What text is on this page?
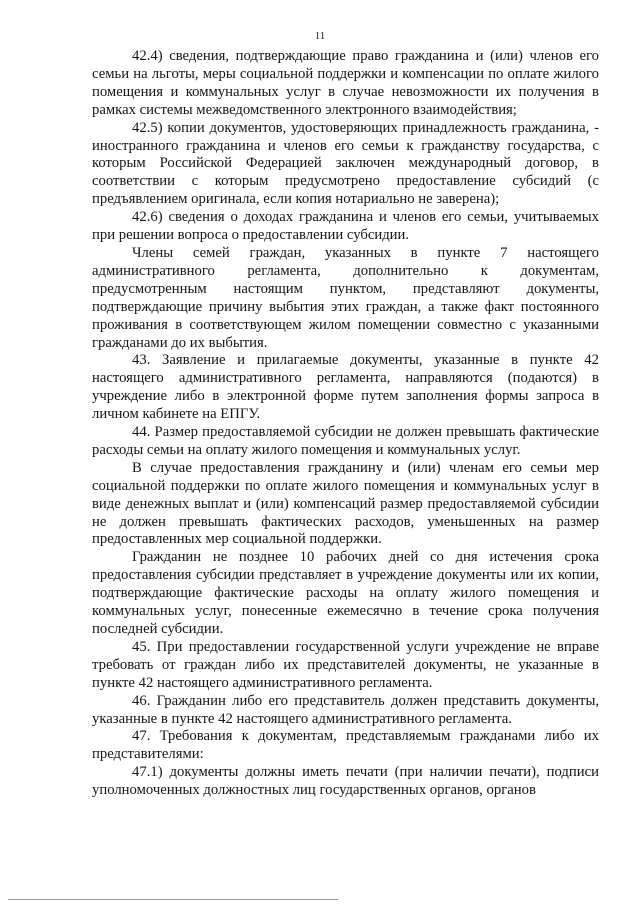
11

42.4) сведения, подтверждающие право гражданина и (или) членов его семьи на льготы, меры социальной поддержки и компенсации по оплате жилого помещения и коммунальных услуг в случае невозможности их получения в рамках системы межведомственного электронного взаимодействия;

42.5) копии документов, удостоверяющих принадлежность гражданина, - иностранного гражданина и членов его семьи к гражданству государства, с которым Российской Федерацией заключен международный договор, в соответствии с которым предусмотрено предоставление субсидий (с предъявлением оригинала, если копия нотариально не заверена);

42.6) сведения о доходах гражданина и членов его семьи, учитываемых при решении вопроса о предоставлении субсидии.

Члены семей граждан, указанных в пункте 7 настоящего административного регламента, дополнительно к документам, предусмотренным настоящим пунктом, представляют документы, подтверждающие причину выбытия этих граждан, а также факт постоянного проживания в соответствующем жилом помещении совместно с указанными гражданами до их выбытия.

43. Заявление и прилагаемые документы, указанные в пункте 42 настоящего административного регламента, направляются (подаются) в учреждение либо в электронной форме путем заполнения формы запроса в личном кабинете на ЕПГУ.

44. Размер предоставляемой субсидии не должен превышать фактические расходы семьи на оплату жилого помещения и коммунальных услуг.

В случае предоставления гражданину и (или) членам его семьи мер социальной поддержки по оплате жилого помещения и коммунальных услуг в виде денежных выплат и (или) компенсаций размер предоставляемой субсидии не должен превышать фактических расходов, уменьшенных на размер предоставленных мер социальной поддержки.

Гражданин не позднее 10 рабочих дней со дня истечения срока предоставления субсидии представляет в учреждение документы или их копии, подтверждающие фактические расходы на оплату жилого помещения и коммунальных услуг, понесенные ежемесячно в течение срока получения последней субсидии.

45. При предоставлении государственной услуги учреждение не вправе требовать от граждан либо их представителей документы, не указанные в пункте 42 настоящего административного регламента.

46. Гражданин либо его представитель должен представить документы, указанные в пункте 42 настоящего административного регламента.

47. Требования к документам, представляемым гражданами либо их представителями:

47.1) документы должны иметь печати (при наличии печати), подписи уполномоченных должностных лиц государственных органов, органов
